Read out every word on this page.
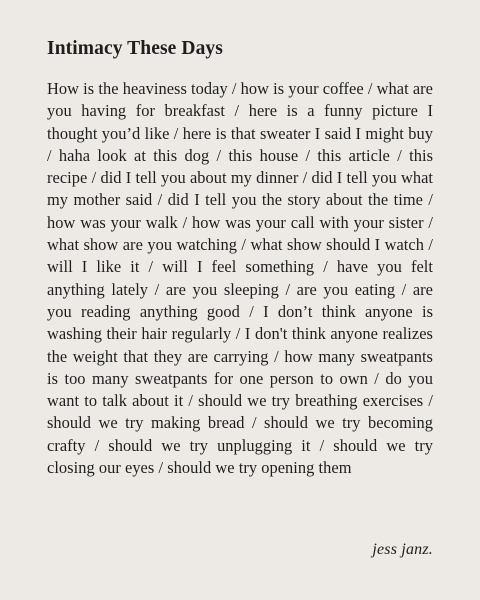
Intimacy These Days

How is the heaviness today / how is your coffee / what are you having for breakfast / here is a funny picture I thought you’d like / here is that sweater I said I might buy / haha look at this dog / this house / this article / this recipe / did I tell you about my dinner / did I tell you what my mother said / did I tell you the story about the time / how was your walk / how was your call with your sister / what show are you watching / what show should I watch / will I like it / will I feel something / have you felt anything lately / are you sleeping / are you eating / are you reading anything good / I don’t think anyone is washing their hair regularly / I don't think anyone realizes the weight that they are carrying / how many sweatpants is too many sweatpants for one person to own / do you want to talk about it / should we try breathing exercises / should we try making bread / should we try becoming crafty / should we try unplugging it / should we try closing our eyes / should we try opening them

jess janz.
